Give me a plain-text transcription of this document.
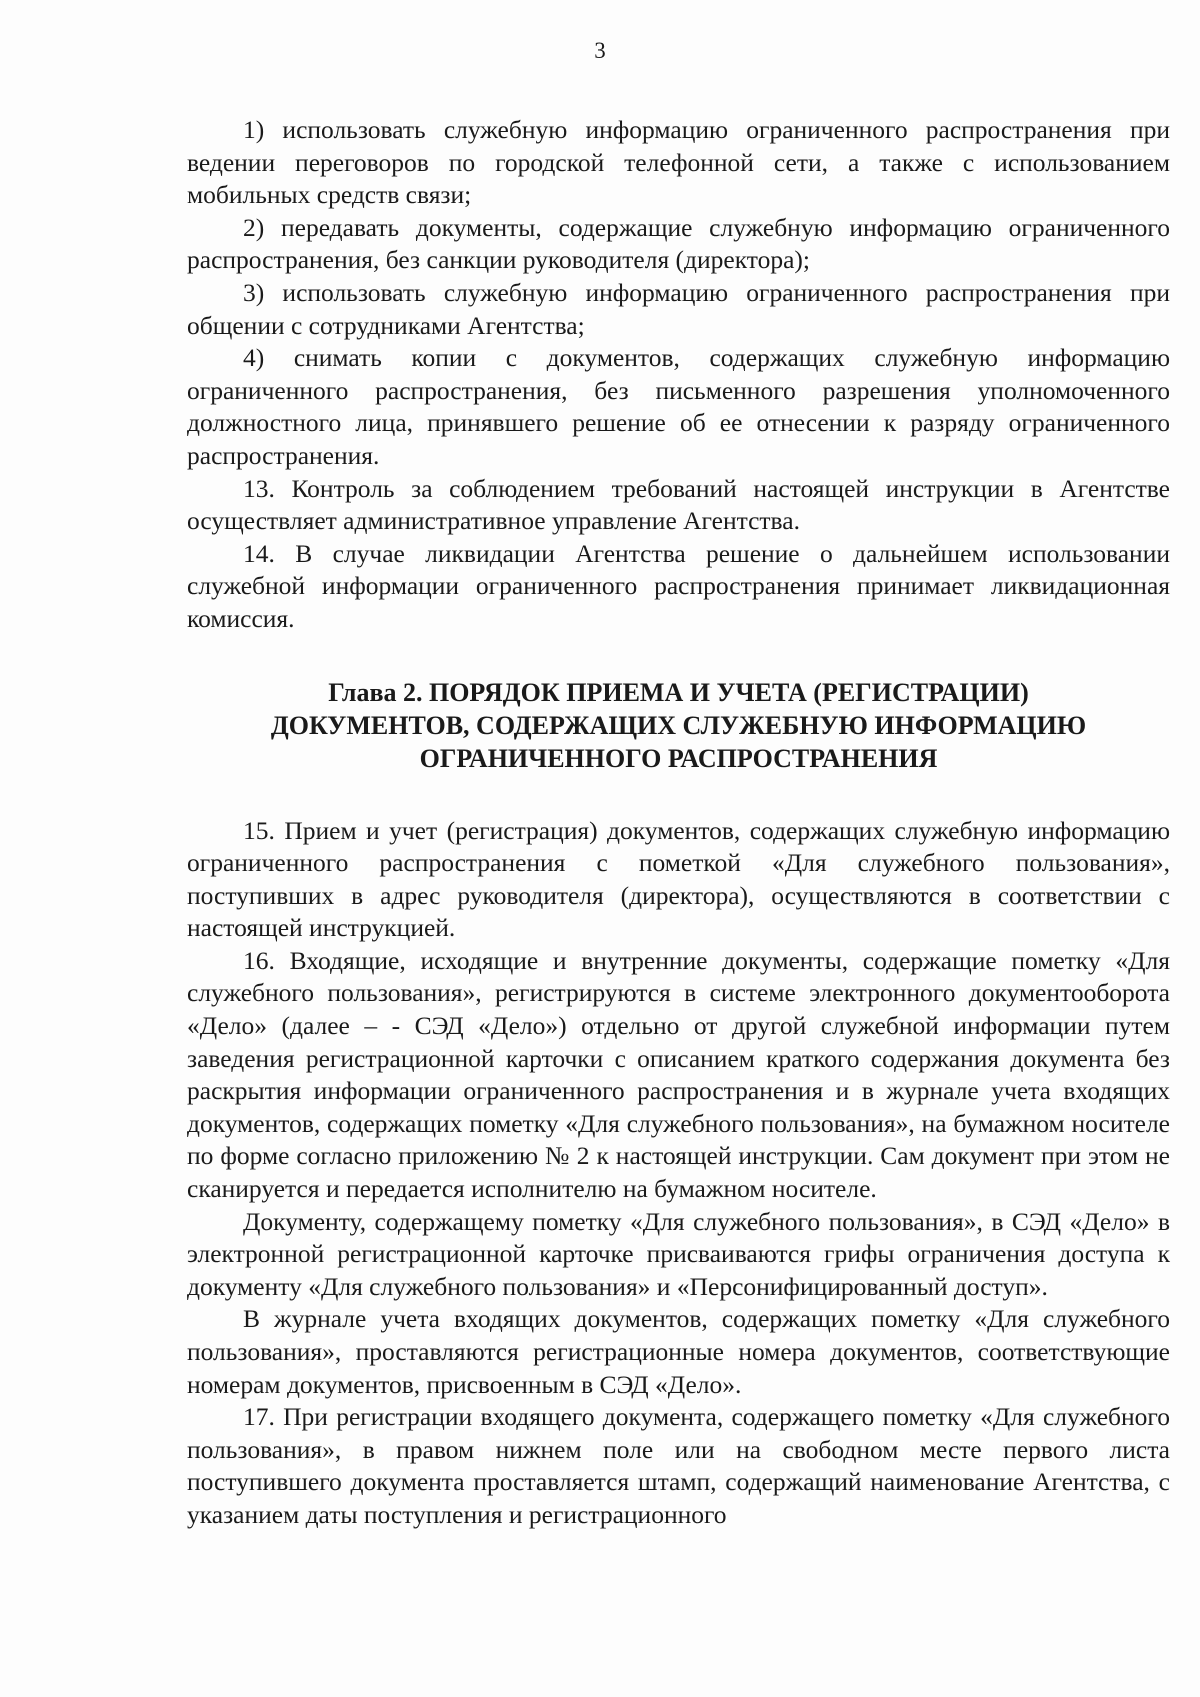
3

1) использовать служебную информацию ограниченного распространения при ведении переговоров по городской телефонной сети, а также с использованием мобильных средств связи;

2) передавать документы, содержащие служебную информацию ограниченного распространения, без санкции руководителя (директора);

3) использовать служебную информацию ограниченного распространения при общении с сотрудниками Агентства;

4) снимать копии с документов, содержащих служебную информацию ограниченного распространения, без письменного разрешения уполномоченного должностного лица, принявшего решение об ее отнесении к разряду ограниченного распространения.

13. Контроль за соблюдением требований настоящей инструкции в Агентстве осуществляет административное управление Агентства.

14. В случае ликвидации Агентства решение о дальнейшем использовании служебной информации ограниченного распространения принимает ликвидационная комиссия.

Глава 2. ПОРЯДОК ПРИЕМА И УЧЕТА (РЕГИСТРАЦИИ)
ДОКУМЕНТОВ, СОДЕРЖАЩИХ СЛУЖЕБНУЮ ИНФОРМАЦИЮ
ОГРАНИЧЕННОГО РАСПРОСТРАНЕНИЯ

15. Прием и учет (регистрация) документов, содержащих служебную информацию ограниченного распространения с пометкой «Для служебного пользования», поступивших в адрес руководителя (директора), осуществляются в соответствии с настоящей инструкцией.

16. Входящие, исходящие и внутренние документы, содержащие пометку «Для служебного пользования», регистрируются в системе электронного документооборота «Дело» (далее – - СЭД «Дело») отдельно от другой служебной информации путем заведения регистрационной карточки с описанием краткого содержания документа без раскрытия информации ограниченного распространения и в журнале учета входящих документов, содержащих пометку «Для служебного пользования», на бумажном носителе по форме согласно приложению № 2 к настоящей инструкции. Сам документ при этом не сканируется и передается исполнителю на бумажном носителе.

Документу, содержащему пометку «Для служебного пользования», в СЭД «Дело» в электронной регистрационной карточке присваиваются грифы ограничения доступа к документу «Для служебного пользования» и «Персонифицированный доступ».

В журнале учета входящих документов, содержащих пометку «Для служебного пользования», проставляются регистрационные номера документов, соответствующие номерам документов, присвоенным в СЭД «Дело».

17. При регистрации входящего документа, содержащего пометку «Для служебного пользования», в правом нижнем поле или на свободном месте первого листа поступившего документа проставляется штамп, содержащий наименование Агентства, с указанием даты поступления и регистрационного
